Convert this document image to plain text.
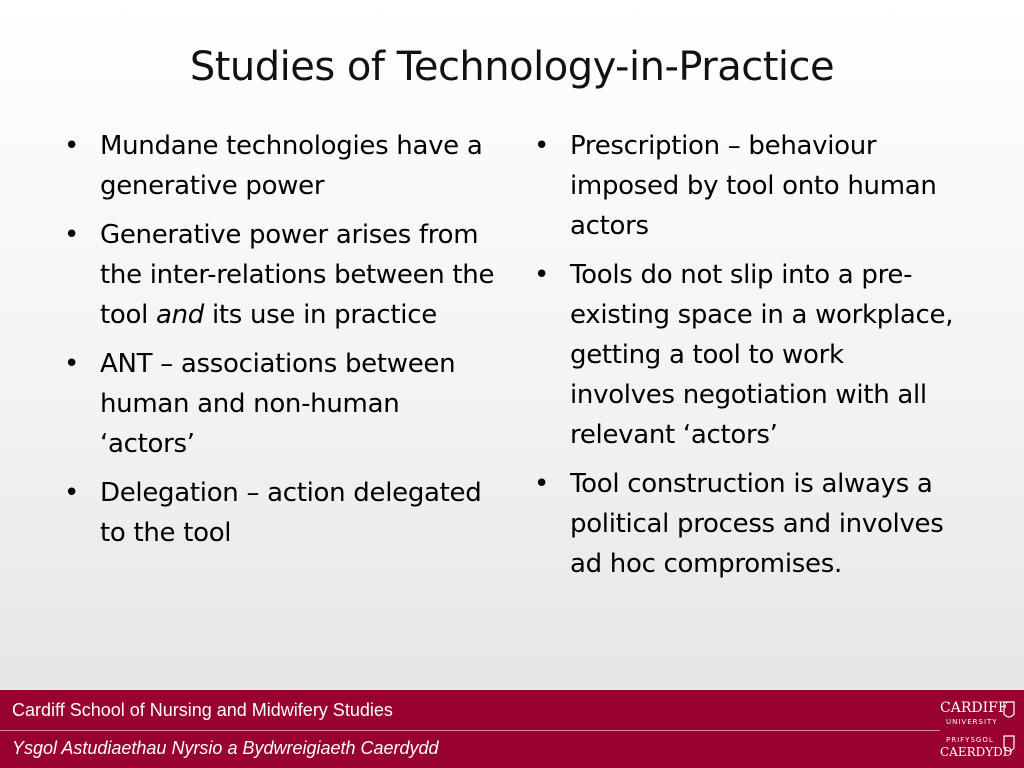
Studies of Technology-in-Practice
• Mundane technologies have a generative power
• Generative power arises from the inter-relations between the tool and its use in practice
• ANT – associations between human and non-human ‘actors’
• Delegation – action delegated to the tool
• Prescription – behaviour imposed by tool onto human actors
• Tools do not slip into a pre-existing space in a workplace, getting a tool to work involves negotiation with all relevant ‘actors’
• Tool construction is always a political process and involves ad hoc compromises.
Cardiff School of Nursing and Midwifery Studies
Ysgol Astudiaethau Nyrsio a Bydwreigiaeth Caerdydd
CARDIFF
UNIVERSITY
PRIFYSGOL
CAERDYDD
